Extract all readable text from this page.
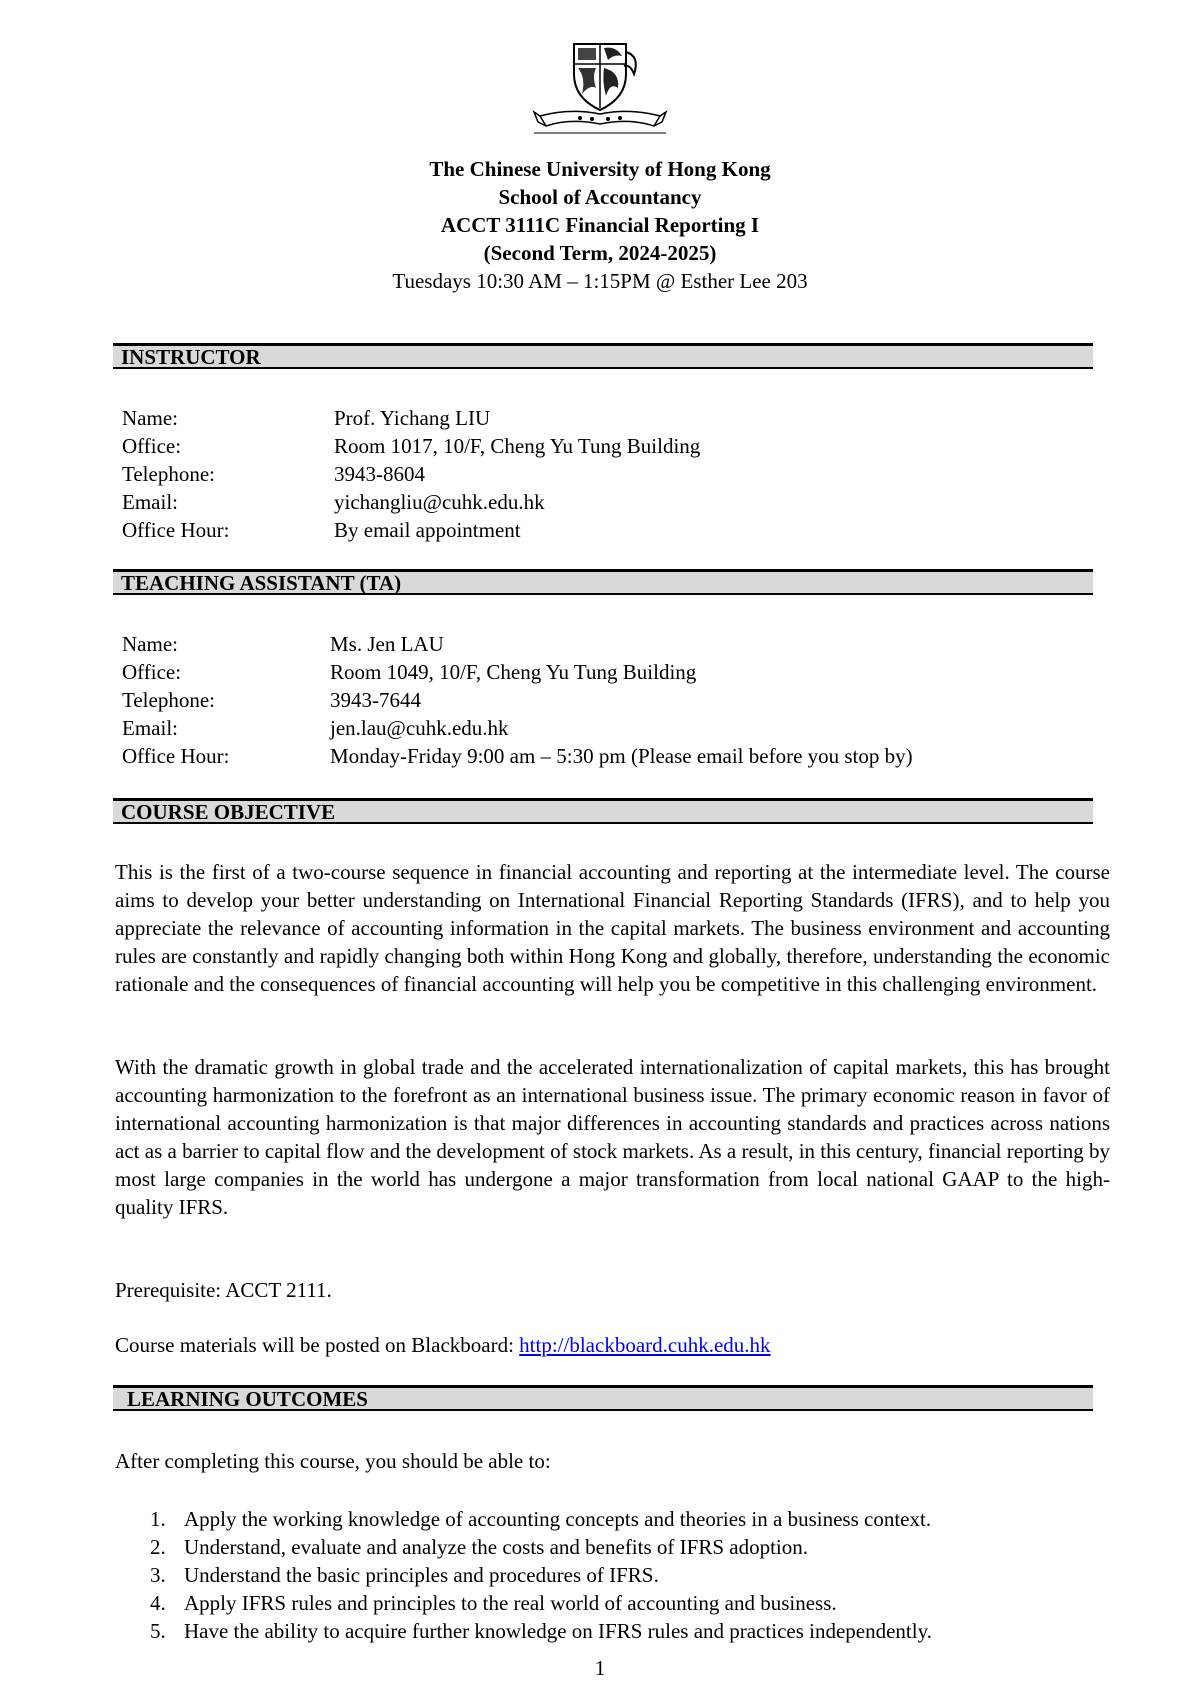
The Chinese University of Hong Kong
School of Accountancy
ACCT 3111C Financial Reporting I
(Second Term, 2024-2025)
Tuesdays 10:30 AM – 1:15PM @ Esther Lee 203
INSTRUCTOR
Name:	Prof. Yichang LIU
Office:	Room 1017, 10/F, Cheng Yu Tung Building
Telephone:	3943-8604
Email:	yichangliu@cuhk.edu.hk
Office Hour:	By email appointment
TEACHING ASSISTANT (TA)
Name:	Ms. Jen LAU
Office:	Room 1049, 10/F, Cheng Yu Tung Building
Telephone:	3943-7644
Email:	jen.lau@cuhk.edu.hk
Office Hour:	Monday-Friday 9:00 am – 5:30 pm (Please email before you stop by)
COURSE OBJECTIVE
This is the first of a two-course sequence in financial accounting and reporting at the intermediate level. The course aims to develop your better understanding on International Financial Reporting Standards (IFRS), and to help you appreciate the relevance of accounting information in the capital markets. The business environment and accounting rules are constantly and rapidly changing both within Hong Kong and globally, therefore, understanding the economic rationale and the consequences of financial accounting will help you be competitive in this challenging environment.
With the dramatic growth in global trade and the accelerated internationalization of capital markets, this has brought accounting harmonization to the forefront as an international business issue. The primary economic reason in favor of international accounting harmonization is that major differences in accounting standards and practices across nations act as a barrier to capital flow and the development of stock markets. As a result, in this century, financial reporting by most large companies in the world has undergone a major transformation from local national GAAP to the high-quality IFRS.
Prerequisite: ACCT 2111.
Course materials will be posted on Blackboard: http://blackboard.cuhk.edu.hk
LEARNING OUTCOMES
After completing this course, you should be able to:
1. Apply the working knowledge of accounting concepts and theories in a business context.
2. Understand, evaluate and analyze the costs and benefits of IFRS adoption.
3. Understand the basic principles and procedures of IFRS.
4. Apply IFRS rules and principles to the real world of accounting and business.
5. Have the ability to acquire further knowledge on IFRS rules and practices independently.
1
